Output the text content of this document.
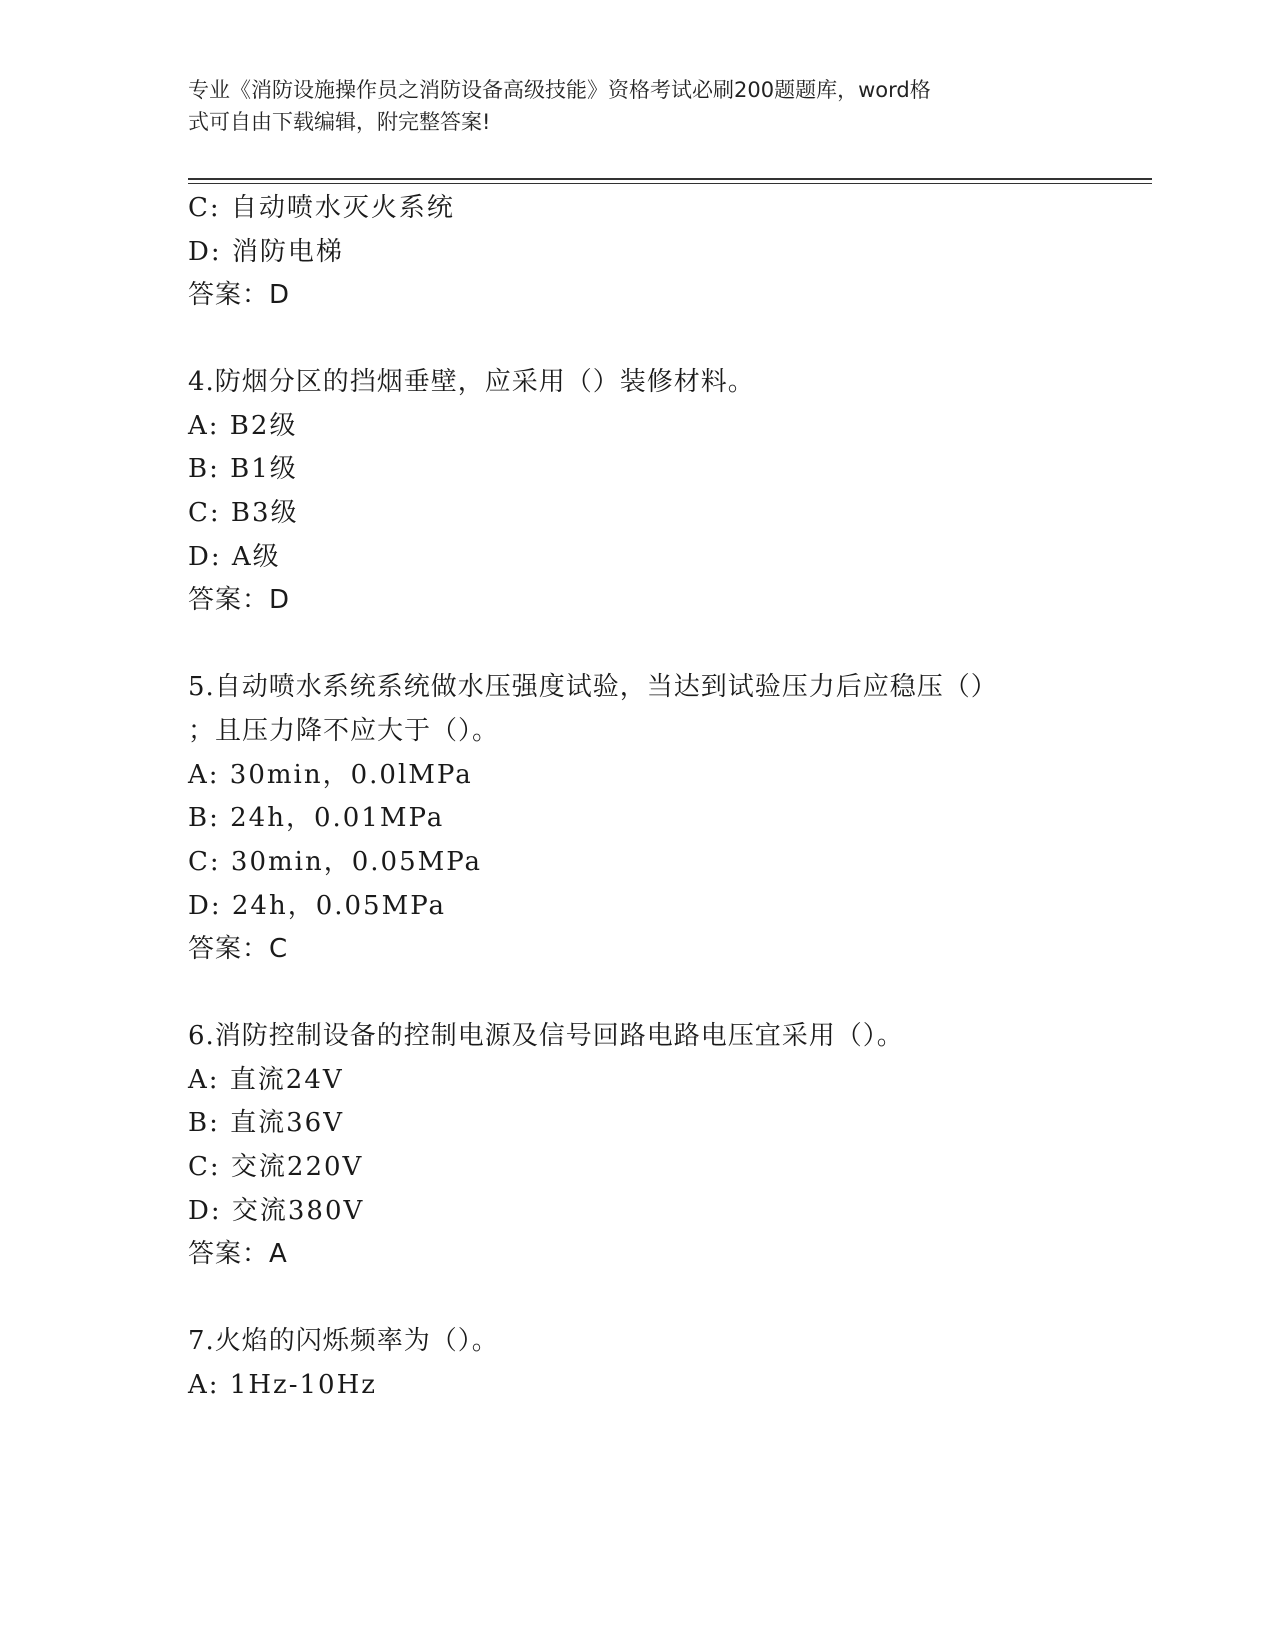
专业《消防设施操作员之消防设备高级技能》资格考试必刷200题题库，word格
式可自由下载编辑，附完整答案!
C: 自动喷水灭火系统
D: 消防电梯
答案：D
4.防烟分区的挡烟垂壁，应采用（）装修材料。
A: B2级
B: B1级
C: B3级
D: A级
答案：D
5.自动喷水系统系统做水压强度试验，当达到试验压力后应稳压（）
；且压力降不应大于（）。
A: 30min，0.0lMPa
B: 24h，0.01MPa
C: 30min，0.05MPa
D: 24h，0.05MPa
答案：C
6.消防控制设备的控制电源及信号回路电路电压宜采用（）。
A: 直流24V
B: 直流36V
C: 交流220V
D: 交流380V
答案：A
7.火焰的闪烁频率为（）。
A: 1Hz-10Hz
